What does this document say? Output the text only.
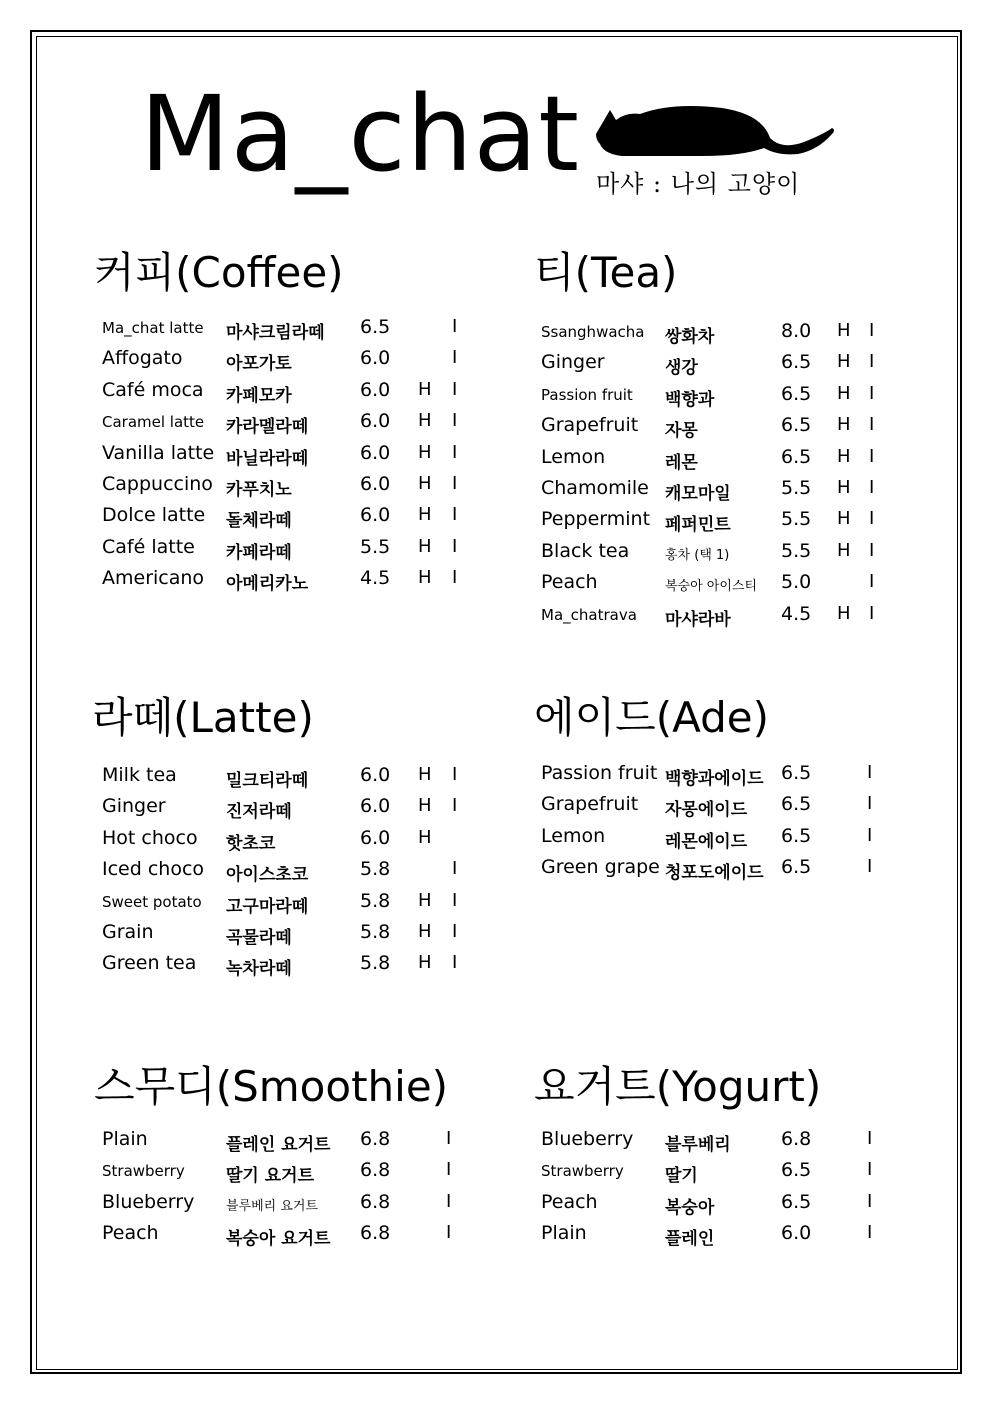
Ma_chat 마샤 : 나의 고양이
커피(Coffee)
Ma_chat latte 마샤크림라떼 6.5	I
Affogato	아포가토	6.0	I
Café moca 카페모카	6.0 H I
Caramel latte 카라멜라떼	6.0 H I
Vanilla latte 바닐라라떼	6.0 H I
Cappuccino 카푸치노	6.0 H I
Dolce latte 돌체라떼	6.0 H I
Café latte 카페라떼	5.5 H I
Americano 아메리카노	4.5 H I
티(Tea)
Ssanghwacha 쌍화차	8.0 H I
Ginger	생강	6.5 H I
Passion fruit 백향과	6.5 H I
Grapefruit 자몽	6.5 H I
Lemon	레몬	6.5 H I
Chamomile 캐모마일	5.5 H I
Peppermint 페퍼민트	5.5 H I
Black tea	홍차 (택 1)	5.5 H I
Peach	복숭아 아이스티 5.0	I
Ma_chatrava 마샤라바	4.5 H I
라떼(Latte)
Milk tea	밀크티라떼	6.0 H I
Ginger	진저라떼	6.0 H I
Hot choco 핫초코	6.0 H
Iced choco 아이스초코	5.8	I
Sweet potato 고구마라떼	5.8 H I
Grain	곡물라떼	5.8 H I
Green tea 녹차라떼	5.8 H I
에이드(Ade)
Passion fruit 백향과에이드 6.5	I
Grapefruit 자몽에이드 6.5	I
Lemon	레몬에이드 6.5	I
Green grape 청포도에이드 6.5	I
스무디(Smoothie)
Plain	플레인 요거트 6.8	I
Strawberry 딸기 요거트 6.8	I
Blueberry 블루베리 요거트 6.8	I
Peach	복숭아 요거트 6.8	I
요거트(Yogurt)
Blueberry 블루베리	6.8	I
Strawberry 딸기	6.5	I
Peach	복숭아	6.5	I
Plain	플레인	6.0	I
